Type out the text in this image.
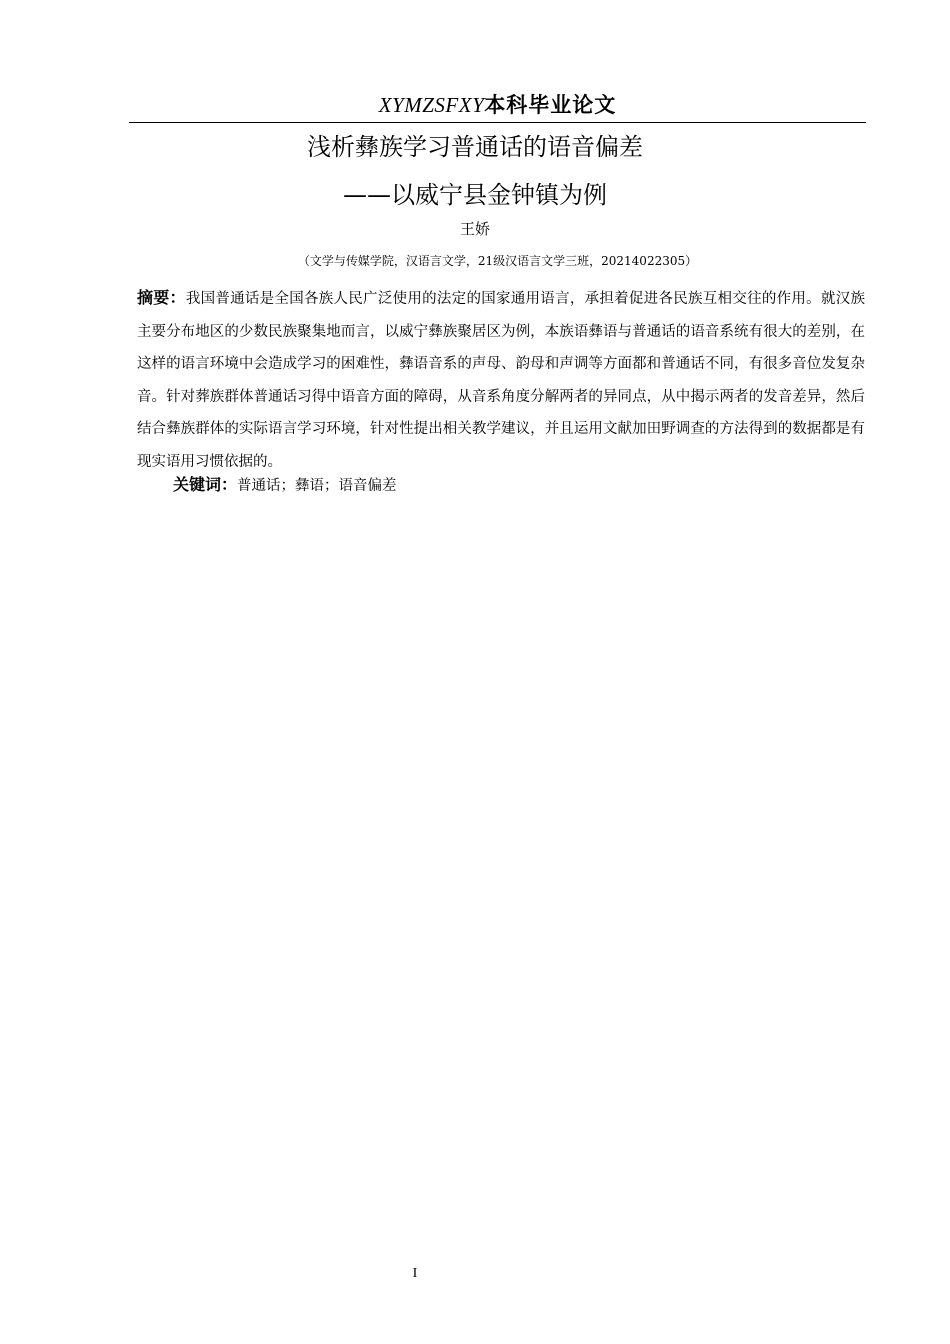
XYMZSFXY本科毕业论文
浅析彝族学习普通话的语音偏差
——以威宁县金钟镇为例
王娇
（文学与传媒学院，汉语言文学，21级汉语言文学三班，20214022305）
摘要：我国普通话是全国各族人民广泛使用的法定的国家通用语言，承担着促进各民族互相交往的作用。就汉族主要分布地区的少数民族聚集地而言，以威宁彝族聚居区为例，本族语彝语与普通话的语音系统有很大的差别，在这样的语言环境中会造成学习的困难性，彝语音系的声母、韵母和声调等方面都和普通话不同，有很多音位发复杂音。针对葬族群体普通话习得中语音方面的障碍，从音系角度分解两者的异同点，从中揭示两者的发音差异，然后结合彝族群体的实际语言学习环境，针对性提出相关教学建议，并且运用文献加田野调查的方法得到的数据都是有现实语用习惯依据的。
关键词：普通话；彝语；语音偏差
I
